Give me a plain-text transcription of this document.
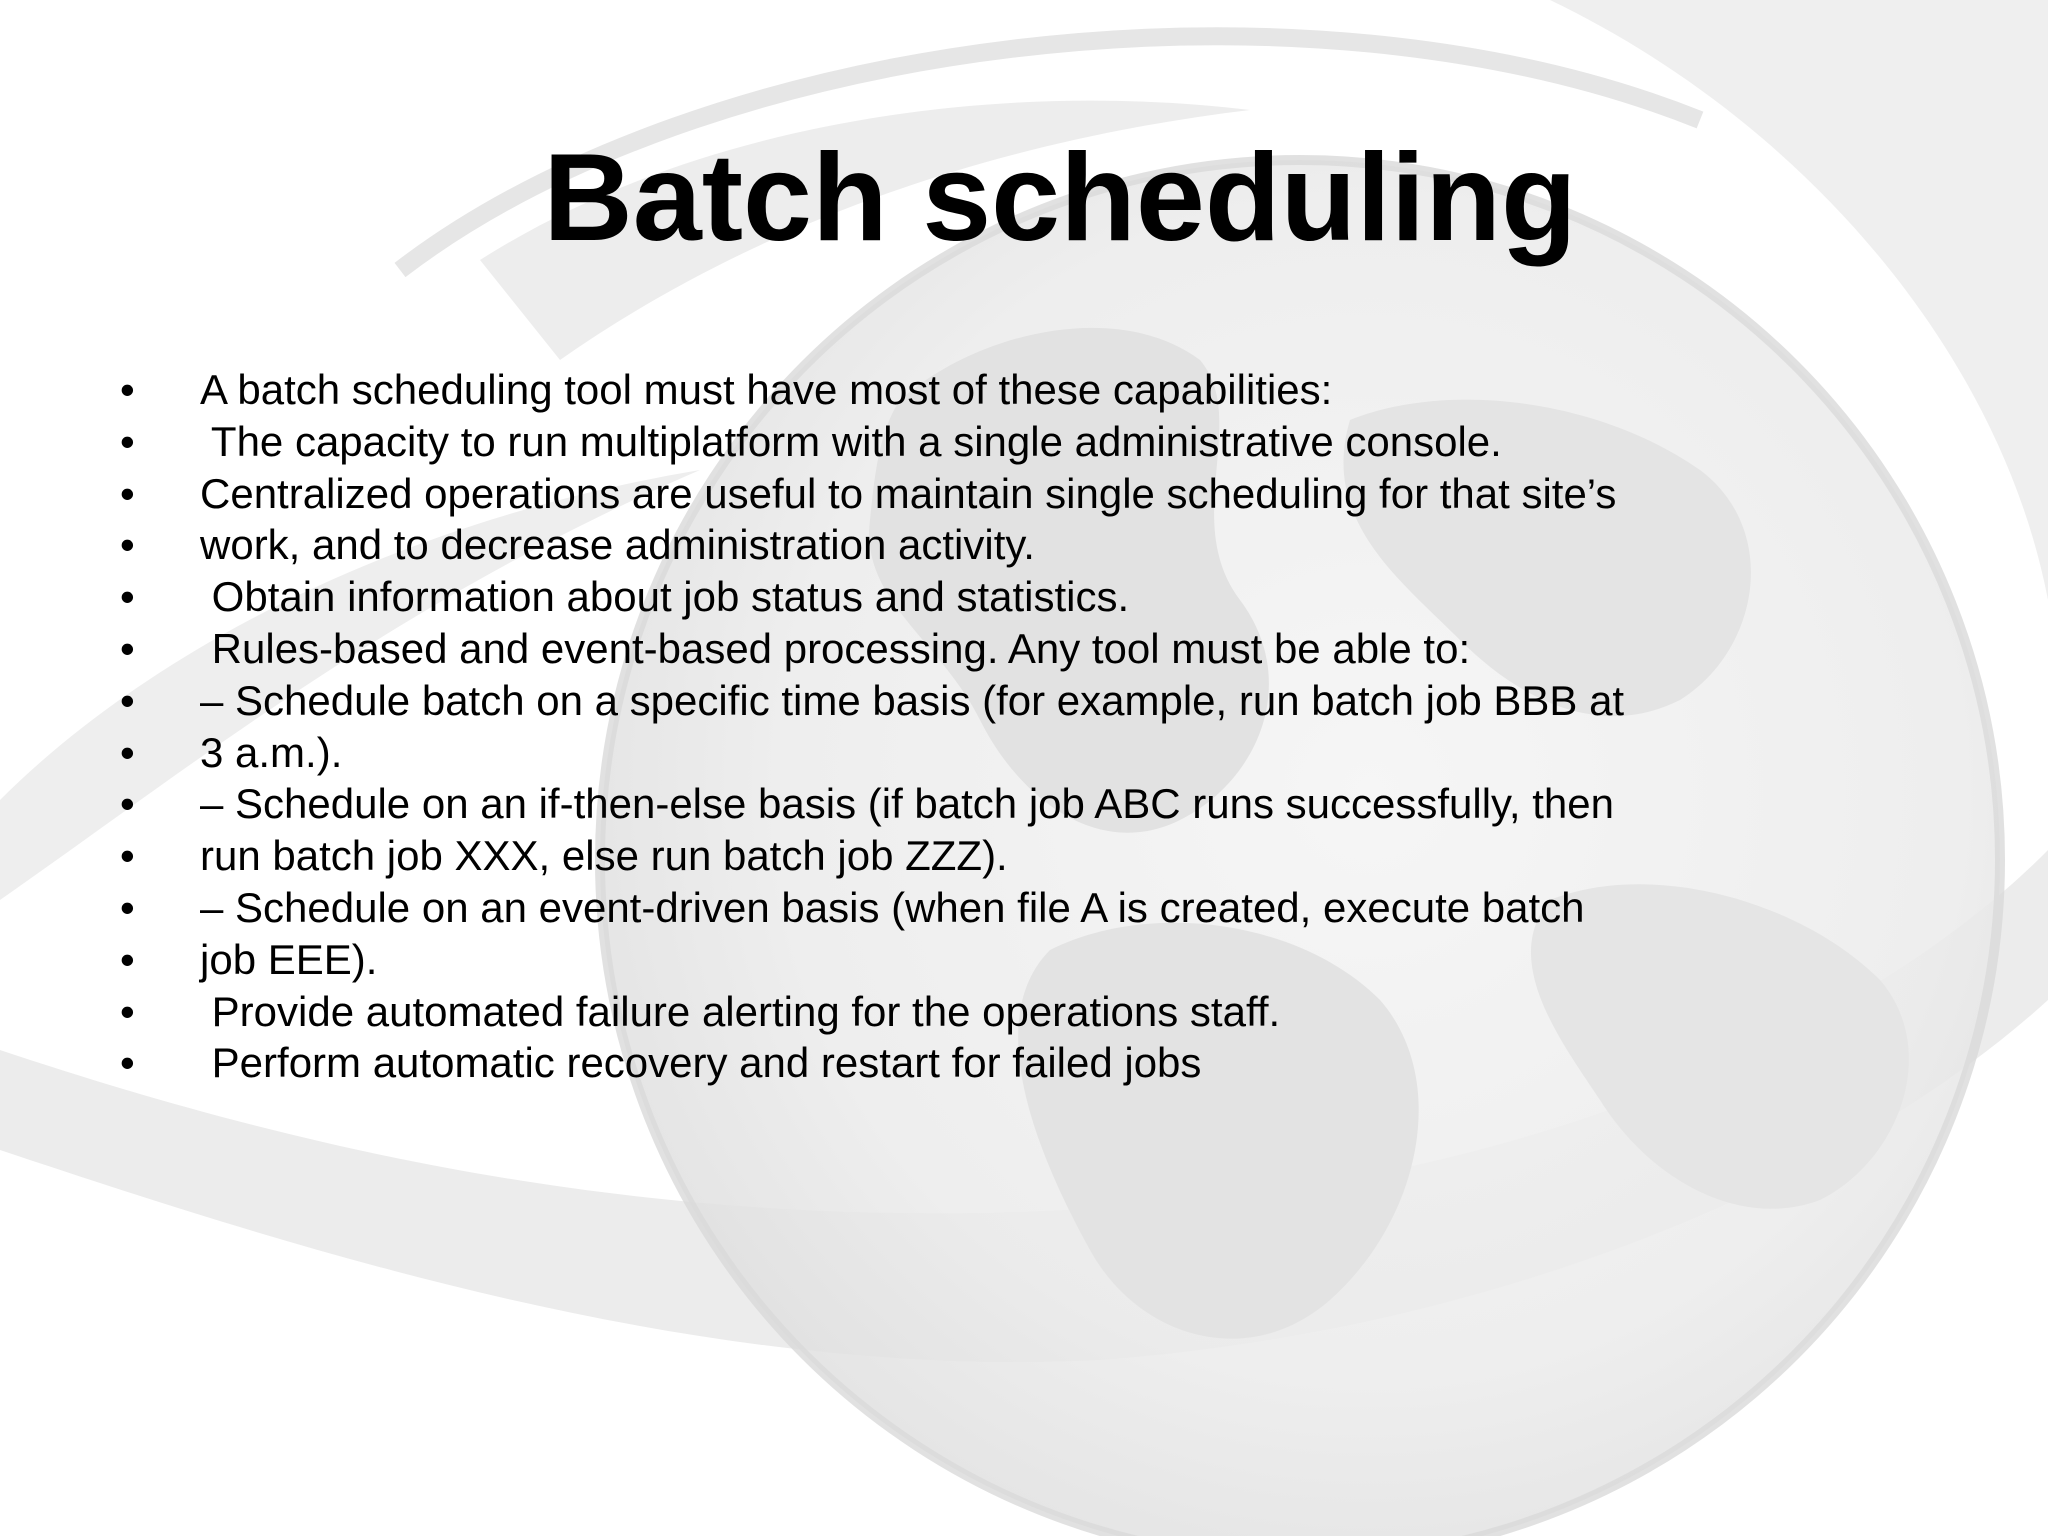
Batch scheduling
•	A batch scheduling tool must have most of these capabilities:
•	The capacity to run multiplatform with a single administrative console.
•	Centralized operations are useful to maintain single scheduling for that site’s
•	work, and to decrease administration activity.
•	Obtain information about job status and statistics.
•	Rules-based and event-based processing. Any tool must be able to:
•	– Schedule batch on a specific time basis (for example, run batch job BBB at
•	3 a.m.).
•	– Schedule on an if-then-else basis (if batch job ABC runs successfully, then
•	run batch job XXX, else run batch job ZZZ).
•	– Schedule on an event-driven basis (when file A is created, execute batch
•	job EEE).
•	Provide automated failure alerting for the operations staff.
•	Perform automatic recovery and restart for failed jobs
